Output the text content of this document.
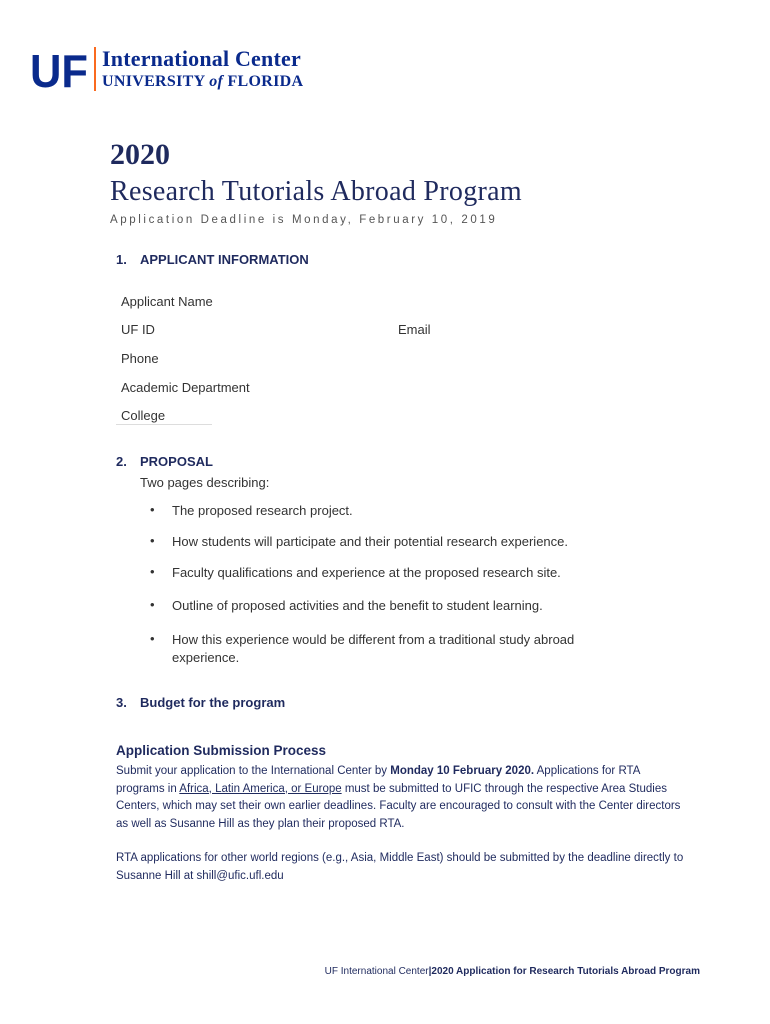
UF International Center
UNIVERSITY of FLORIDA
2020
Research Tutorials Abroad Program
Application Deadline is Monday, February 10, 2019
1. APPLICANT INFORMATION
Applicant Name
UF ID	Email
Phone
Academic Department
College
2. PROPOSAL
Two pages describing:
• The proposed research project.
• How students will participate and their potential research experience.
• Faculty qualifications and experience at the proposed research site.
• Outline of proposed activities and the benefit to student learning.
• How this experience would be different from a traditional study abroad experience.
3. Budget for the program
Application Submission Process
Submit your application to the International Center by Monday 10 February 2020. Applications for RTA programs in Africa, Latin America, or Europe must be submitted to UFIC through the respective Area Studies Centers, which may set their own earlier deadlines. Faculty are encouraged to consult with the Center directors as well as Susanne Hill as they plan their proposed RTA.
RTA applications for other world regions (e.g., Asia, Middle East) should be submitted by the deadline directly to Susanne Hill at shill@ufic.ufl.edu
UF International Center|2020 Application for Research Tutorials Abroad Program
